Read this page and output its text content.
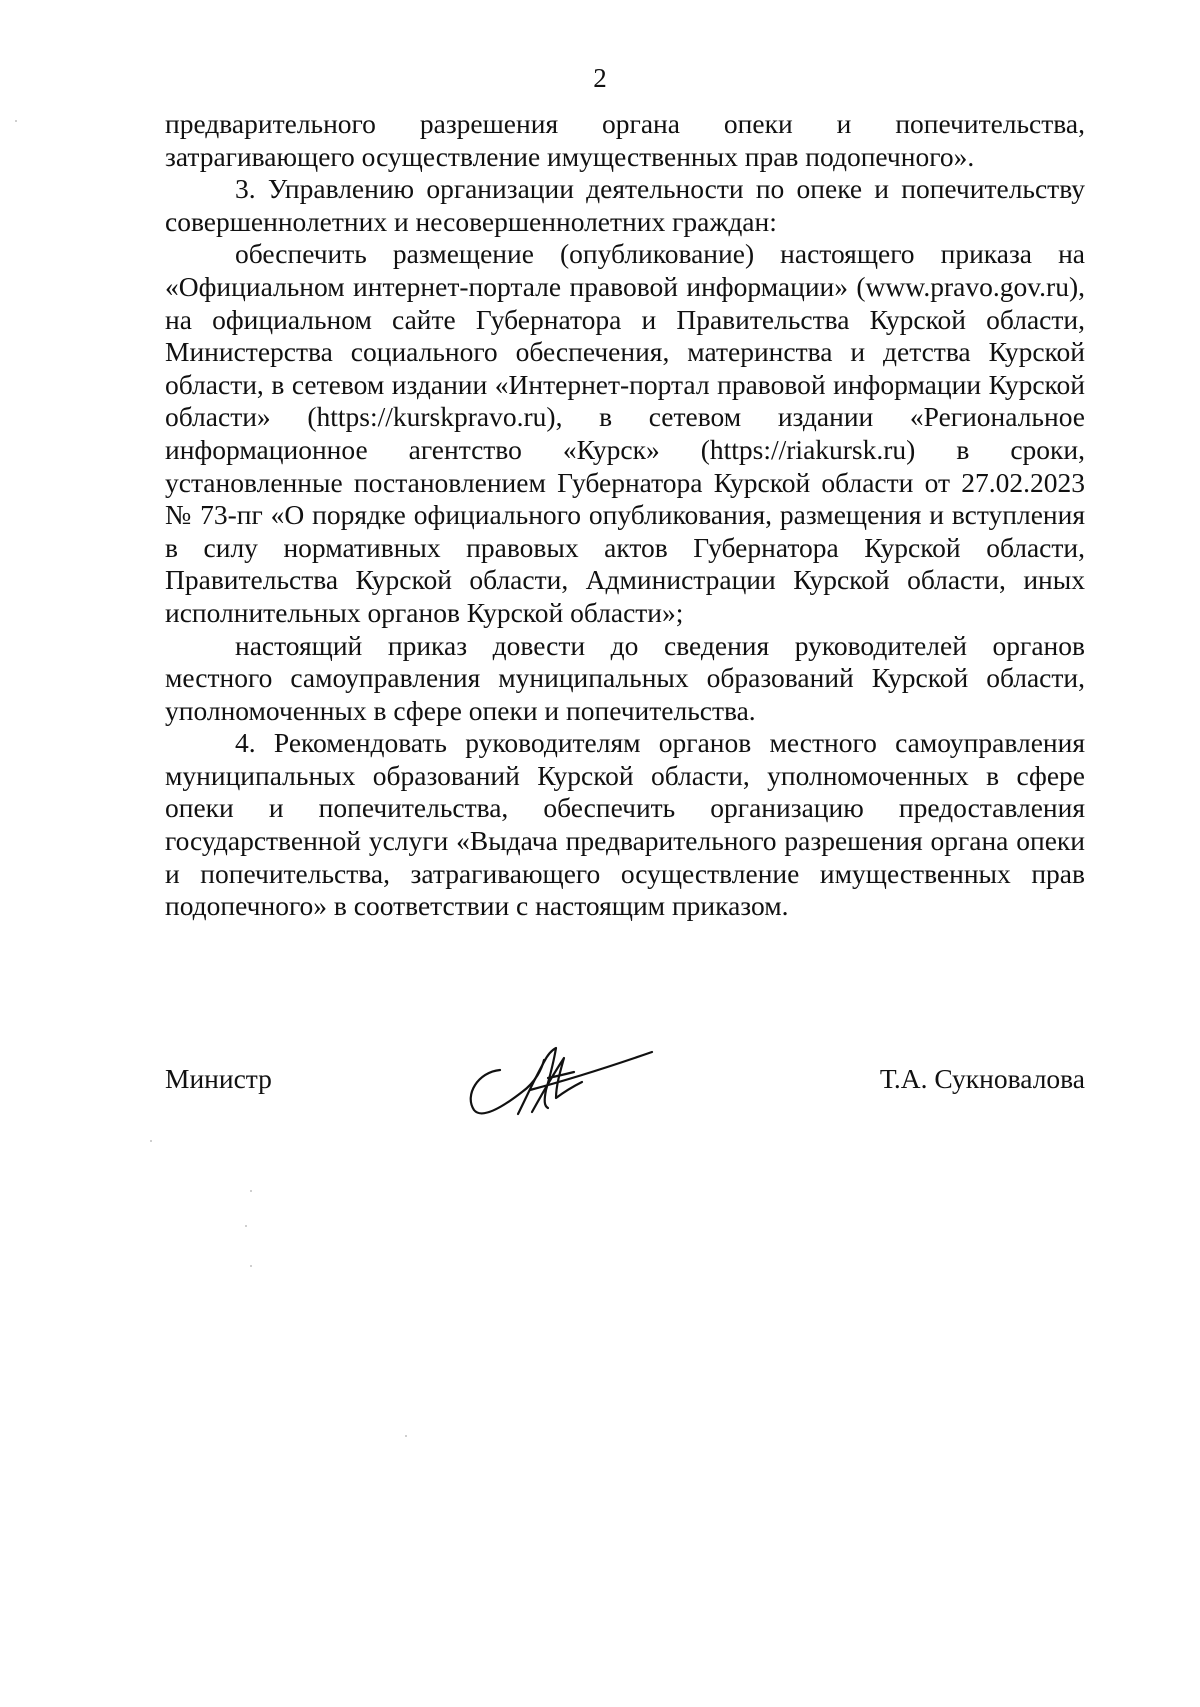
2

предварительного разрешения органа опеки и попечительства, затрагивающего осуществление имущественных прав подопечного».

3. Управлению организации деятельности по опеке и попечительству совершеннолетних и несовершеннолетних граждан:

обеспечить размещение (опубликование) настоящего приказа на «Официальном интернет-портале правовой информации» (www.pravo.gov.ru), на официальном сайте Губернатора и Правительства Курской области, Министерства социального обеспечения, материнства и детства Курской области, в сетевом издании «Интернет-портал правовой информации Курской области» (https://kurskpravo.ru), в сетевом издании «Региональное информационное агентство «Курск» (https://riakursk.ru) в сроки, установленные постановлением Губернатора Курской области от 27.02.2023 № 73-пг «О порядке официального опубликования, размещения и вступления в силу нормативных правовых актов Губернатора Курской области, Правительства Курской области, Администрации Курской области, иных исполнительных органов Курской области»;

настоящий приказ довести до сведения руководителей органов местного самоуправления муниципальных образований Курской области, уполномоченных в сфере опеки и попечительства.

4. Рекомендовать руководителям органов местного самоуправления муниципальных образований Курской области, уполномоченных в сфере опеки и попечительства, обеспечить организацию предоставления государственной услуги «Выдача предварительного разрешения органа опеки и попечительства, затрагивающего осуществление имущественных прав подопечного» в соответствии с настоящим приказом.

Министр	Т.А. Сукновалова
